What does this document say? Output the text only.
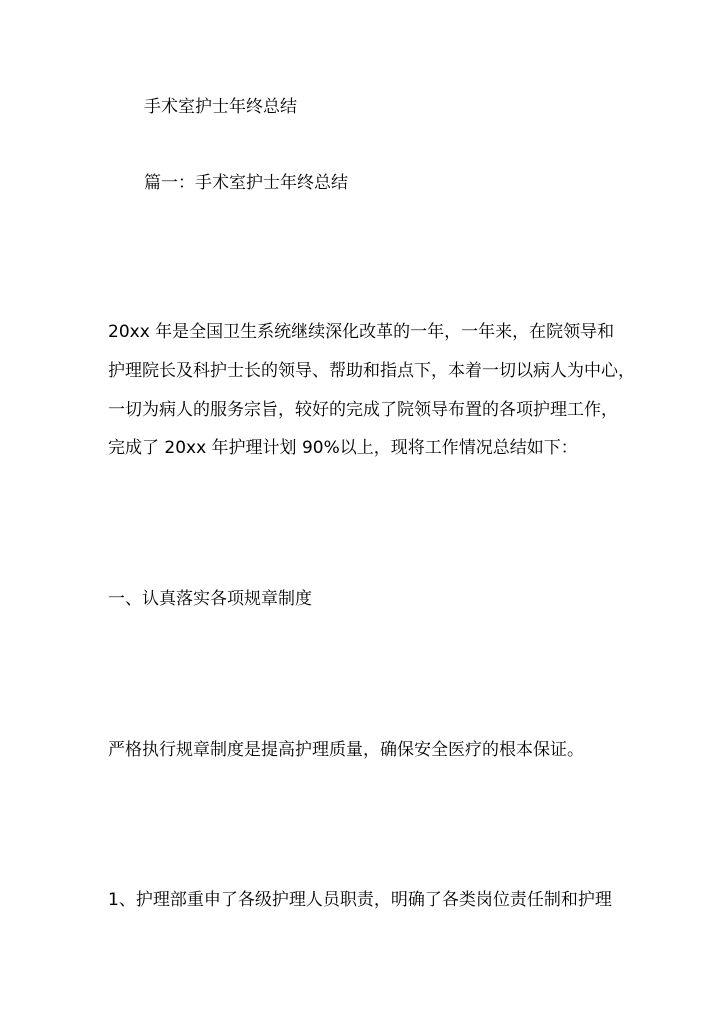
手术室护士年终总结
篇一：手术室护士年终总结
20xx 年是全国卫生系统继续深化改革的一年，一年来，在院领导和
护理院长及科护士长的领导、帮助和指点下，本着一切以病人为中心，
一切为病人的服务宗旨，较好的完成了院领导布置的各项护理工作，
完成了 20xx 年护理计划 90%以上，现将工作情况总结如下：
一、认真落实各项规章制度
严格执行规章制度是提高护理质量，确保安全医疗的根本保证。
1、护理部重申了各级护理人员职责，明确了各类岗位责任制和护理
